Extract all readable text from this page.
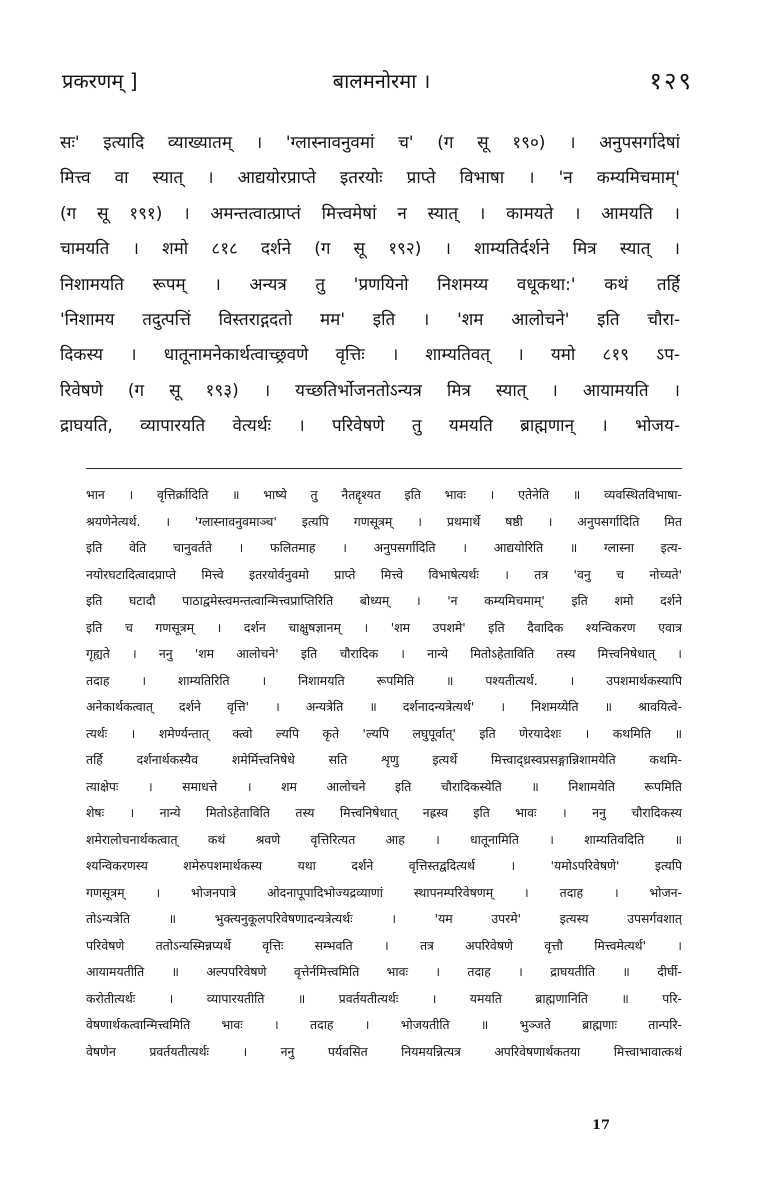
प्रकरणम् ]	बालमनोरमा ।	१२९
सः' इत्यादि व्याख्यातम् । 'ग्लास्नावनुवमां च' (ग सू १९०) । अनुपसर्गादेषां
मित्त्व वा स्यात् । आद्ययोरप्राप्ते इतरयोः प्राप्ते विभाषा । 'न कम्यमिचमाम्'
(ग सू १९१) । अमन्तत्वात्प्राप्तं मित्त्वमेषां न स्यात् । कामयते । आमयति ।
चामयति । शमो ८१८ दर्शने (ग सू १९२) । शाम्यतिर्दर्शने मित्र स्यात् ।
निशामयति रूपम् । अन्यत्र तु 'प्रणयिनो निशमय्य वधूकथा:' कथं तर्हि
'निशामय तदुत्पत्तिं विस्तराद्गदतो मम' इति । 'शम आलोचने' इति चौरा-
दिकस्य । धातूनामनेकार्थत्वाच्छ्रवणे वृत्तिः । शाम्यतिवत् । यमो ८१९ ऽप-
रिवेषणे (ग सू १९३) । यच्छतिर्भोजनतोऽन्यत्र मित्र स्यात् । आयामयति ।
द्राघयति, व्यापारयति वेत्यर्थः । परिवेषणे तु यमयति ब्राह्मणान् । भोजय-
भान । वृत्तिर्क्रादिति ॥ भाष्ये तु नैतद्दृश्यत इति भावः । एतेनेति ॥ व्यवस्थितविभाषा-
श्रयणेनेत्यर्थ. । 'ग्लास्नावनुवमाञ्च' इत्यपि गणसूत्रम् । प्रथमार्थे षष्ठी । अनुपसर्गादिति मित
इति वेति चानुवर्तते । फलितमाह । अनुपसर्गादिति । आद्ययोरिति ॥ ग्लास्ना इत्य-
नयोरघटादित्वादप्राप्ते मित्त्वे इतरयोर्वनुवमो प्राप्ते मित्त्वे विभाषेत्यर्थः । तत्र 'वनु च नोच्यते'
इति घटादौ पाठाद्वमेस्त्वमन्तत्वान्मित्त्वप्राप्तिरिति बोध्यम् । 'न कम्यमिचमाम्' इति शमो दर्शने
इति च गणसूत्रम् । दर्शन चाक्षुषज्ञानम् । 'शम उपशमे' इति दैवादिक श्यन्विकरण एवात्र
गृह्यते । ननु 'शम आलोचने' इति चौरादिक । नान्ये मितोऽहेताविति तस्य मित्त्वनिषेधात् ।
तदाह । शाम्यतिरिति । निशामयति रूपमिति ॥ पश्यतीत्यर्थ. । उपशमार्थकस्यापि
अनेकार्थकत्वात् दर्शने वृत्ति' । अन्यत्रेति ॥ दर्शनादन्यत्रेत्यर्थ' । निशमय्येति ॥ श्रावयित्वे-
त्यर्थः । शमेर्ण्यन्तात् क्त्वो ल्यपि कृते 'ल्यपि लघुपूर्वात्' इति णेरयादेशः । कथमिति ॥
तर्हि दर्शनार्थकस्यैव शमेर्मित्त्वनिषेधे सति शृणु इत्यर्थे मित्त्वाद्ध्रस्वप्रसङ्गान्निशामयेति कथमि-
त्याक्षेपः । समाधत्ते । शम आलोचने इति चौरादिकस्येति ॥ निशामयेति रूपमिति
शेषः । नान्ये मितोऽहेताविति तस्य मित्त्वनिषेधात् नह्रस्व इति भावः । ननु चौरादिकस्य
शमेरालोचनार्थकत्वात् कथं श्रवणे वृत्तिरित्यत आह । धातूनामिति । शाम्यतिवदिति ॥
श्यन्विकरणस्य शमेरुपशमार्थकस्य यथा दर्शने वृत्तिस्तद्वदित्यर्थ । 'यमोऽपरिवेषणे' इत्यपि
गणसूत्रम् । भोजनपात्रे ओदनापूपादिभोज्यद्रव्याणां स्थापनम्परिवेषणम् । तदाह । भोजन-
तोऽन्यत्रेति ॥ भुक्त्यनुकूलपरिवेषणादन्यत्रेत्यर्थः । 'यम उपरमे' इत्यस्य उपसर्गवशात्
परिवेषणे ततोऽन्यस्मिन्नप्यर्थे वृत्तिः सम्भवति । तत्र अपरिवेषणे वृत्तौ मित्त्वमेत्यर्थ' ।
आयामयतीति ॥ अल्पपरिवेषणे वृत्तेर्नमित्त्वमिति भावः । तदाह । द्राघयतीति ॥ दीर्घी-
करोतीत्यर्थः । व्यापारयतीति ॥ प्रवर्तयतीत्यर्थः । यमयति ब्राह्मणानिति ॥ परि-
वेषणार्थकत्वान्मित्त्वमिति भावः । तदाह । भोजयतीति ॥ भुञ्जते ब्राह्मणाः तान्परि-
वेषणेन प्रवर्तयतीत्यर्थः । ननु पर्यवसित नियमयन्नित्यत्र अपरिवेषणार्थकतया मित्त्वाभावात्कथं
17
